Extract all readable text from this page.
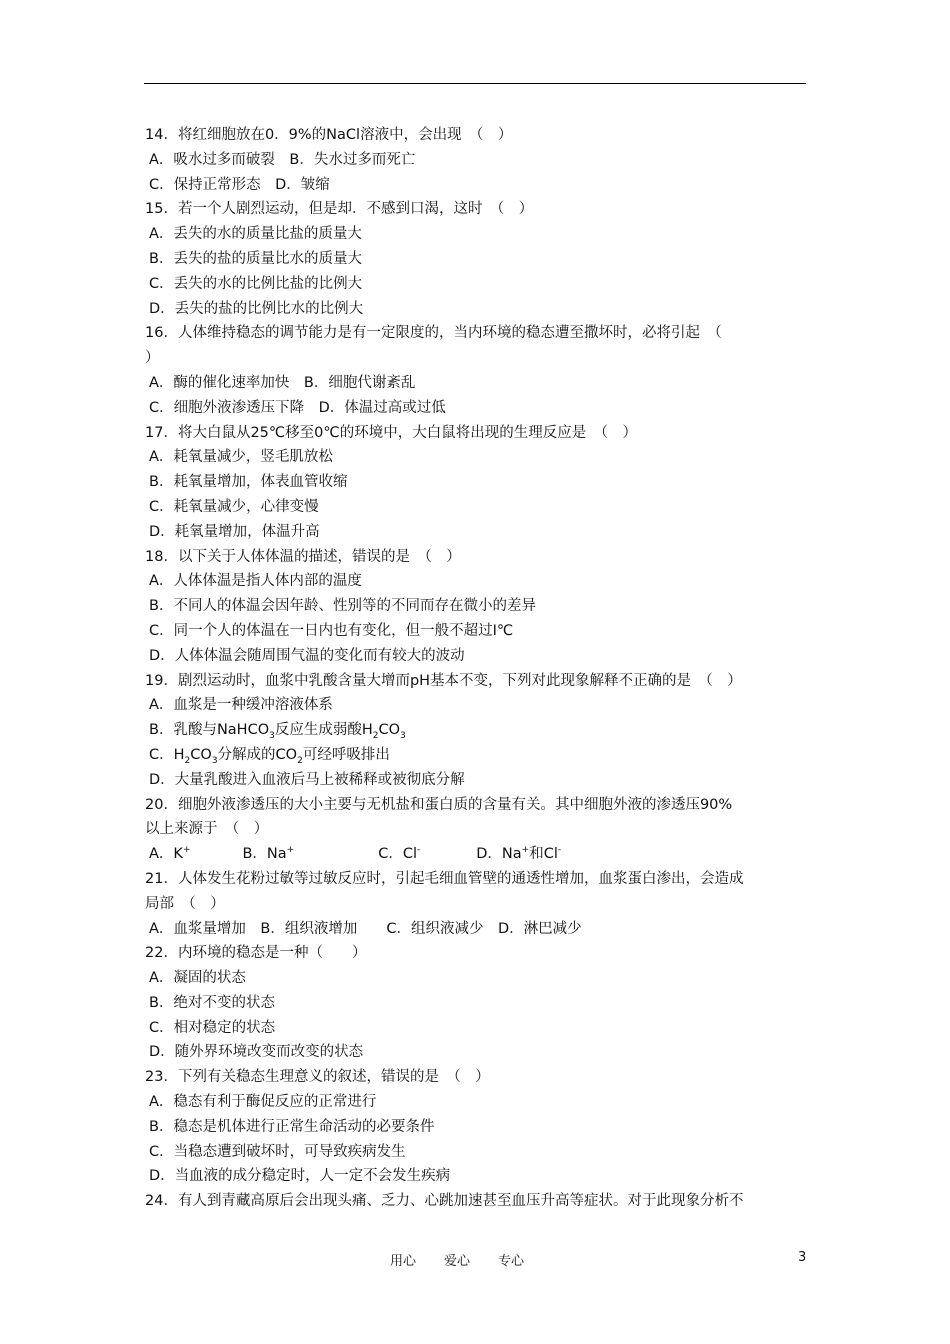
14．将红细胞放在0．9%的NaCl溶液中，会出现　（　）
A．吸水过多而破裂　B．失水过多而死亡
C．保持正常形态　D．皱缩
15．若一个人剧烈运动，但是却．不感到口渴，这时　（　）
A．丢失的水的质量比盐的质量大
B．丢失的盐的质量比水的质量大
C．丢失的水的比例比盐的比例大
D．丢失的盐的比例比水的比例大
16．人体维持稳态的调节能力是有一定限度的，当内环境的稳态遭至撒坏时，必将引起　（
）
A．酶的催化速率加快　B．细胞代谢紊乱
C．细胞外液渗透压下降　D．体温过高或过低
17．将大白鼠从25℃移至0℃的环境中，大白鼠将出现的生理反应是　（　）
A．耗氧量减少，竖毛肌放松
B．耗氧量增加，体表血管收缩
C．耗氧量减少，心律变慢
D．耗氧量增加，体温升高
18．以下关于人体体温的描述，错误的是　（　）
A．人体体温是指人体内部的温度
B．不同人的体温会因年龄、性别等的不同而存在微小的差异
C．同一个人的体温在一日内也有变化，但一般不超过I℃
D．人体体温会随周围气温的变化而有较大的波动
19．剧烈运动时，血浆中乳酸含量大增而pH基本不变，下列对此现象解释不正确的是　（　）
A．血浆是一种缓冲溶液体系
B．乳酸与NaHCO$_3$反应生成弱酸$H_2CO_3$
C．$H_2CO_3$分解成的$CO_2$可经呼吸排出
D．大量乳酸进入血液后马上被稀释或被彻底分解
20．细胞外液渗透压的大小主要与无机盐和蛋白质的含量有关。其中细胞外液的渗透压90%
以上来源于　（　）
A．K+	B．Na+	C．Cl-	D．Na+和Cl-
21．人体发生花粉过敏等过敏反应时，引起毛细血管壁的通透性增加，血浆蛋白渗出，会造成
局部　（　）
A．血浆量增加　B．组织液增加　　C．组织液减少　D．淋巴减少
22．内环境的稳态是一种（　　）
A．凝固的状态
B．绝对不变的状态
C．相对稳定的状态
D．随外界环境改变而改变的状态
23．下列有关稳态生理意义的叙述，错误的是　（　）
A．稳态有利于酶促反应的正常进行
B．稳态是机体进行正常生命活动的必要条件
C．当稳态遭到破坏时，可导致疾病发生
D．当血液的成分稳定时，人一定不会发生疾病
24．有人到青藏高原后会出现头痛、乏力、心跳加速甚至血压升高等症状。对于此现象分析不
用心 爱心 专心	3
